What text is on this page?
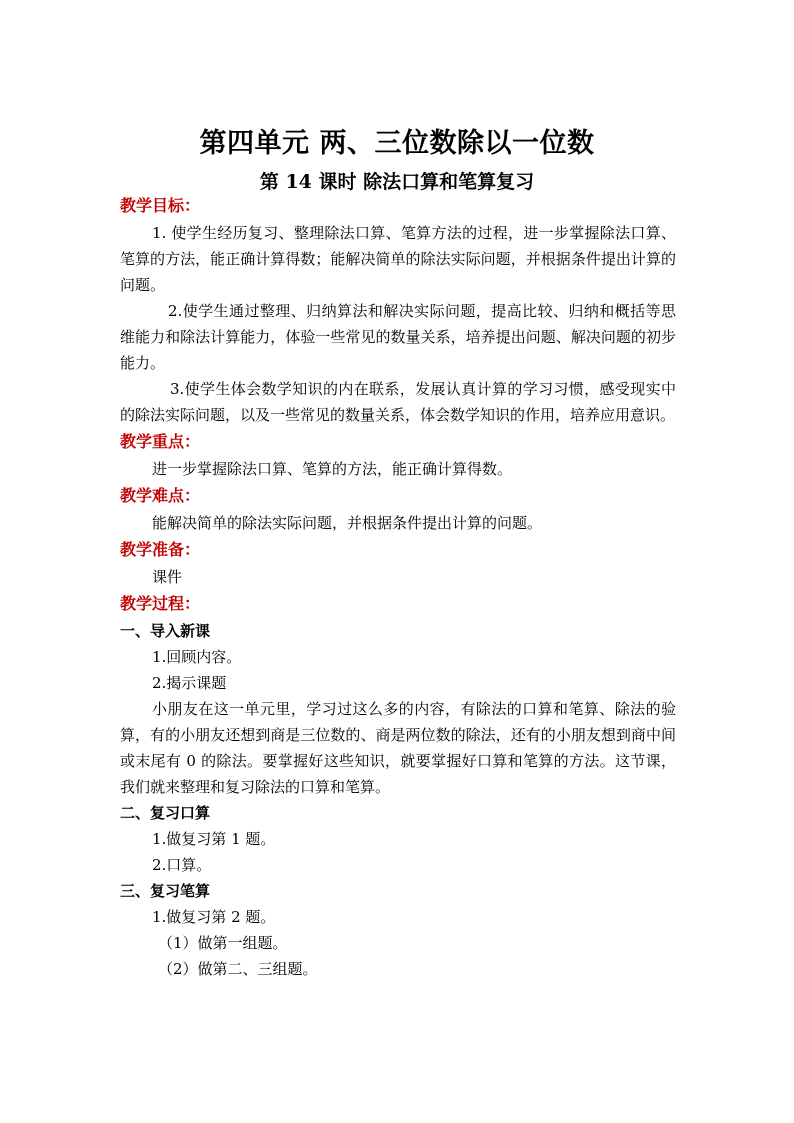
第四单元 两、三位数除以一位数
第 14 课时 除法口算和笔算复习
教学目标：

1. 使学生经历复习、整理除法口算、笔算方法的过程，进一步掌握除法口算、笔算的方法，能正确计算得数；能解决简单的除法实际问题，并根据条件提出计算的问题。

2.使学生通过整理、归纳算法和解决实际问题，提高比较、归纳和概括等思维能力和除法计算能力，体验一些常见的数量关系，培养提出问题、解决问题的初步能力。

3.使学生体会数学知识的内在联系，发展认真计算的学习习惯，感受现实中的除法实际问题，以及一些常见的数量关系，体会数学知识的作用，培养应用意识。

教学重点：

进一步掌握除法口算、笔算的方法，能正确计算得数。

教学难点：

能解决简单的除法实际问题，并根据条件提出计算的问题。

教学准备：

课件

教学过程：
一、导入新课

1.回顾内容。

2.揭示课题

小朋友在这一单元里，学习过这么多的内容，有除法的口算和笔算、除法的验算，有的小朋友还想到商是三位数的、商是两位数的除法，还有的小朋友想到商中间或末尾有 0 的除法。要掌握好这些知识，就要掌握好口算和笔算的方法。这节课，我们就来整理和复习除法的口算和笔算。

二、复习口算

1.做复习第 1 题。

2.口算。

三、复习笔算

1.做复习第 2 题。

（1）做第一组题。

（2）做第二、三组题。
